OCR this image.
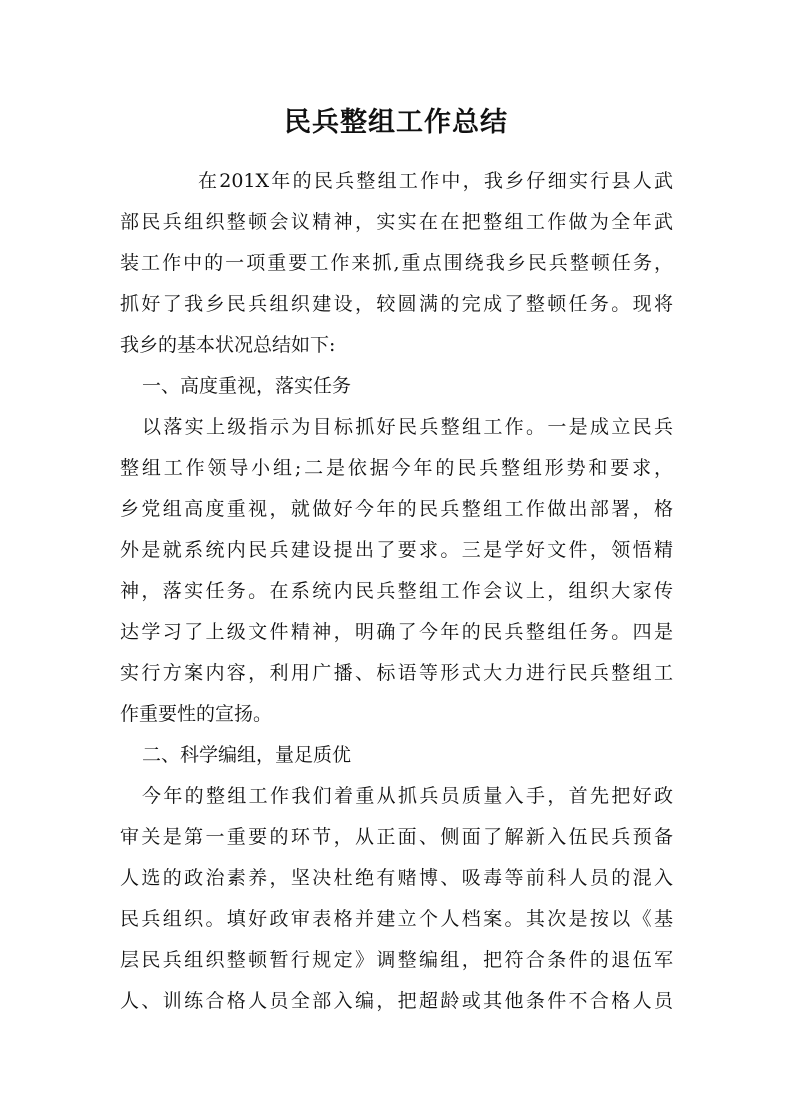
民兵整组工作总结
在201X年的民兵整组工作中，我乡仔细实行县人武
部民兵组织整顿会议精神，实实在在把整组工作做为全年武
装工作中的一项重要工作来抓,重点围绕我乡民兵整顿任务，
抓好了我乡民兵组织建设，较圆满的完成了整顿任务。现将
我乡的基本状况总结如下:
一、高度重视，落实任务
以落实上级指示为目标抓好民兵整组工作。一是成立民兵
整组工作领导小组;二是依据今年的民兵整组形势和要求，
乡党组高度重视，就做好今年的民兵整组工作做出部署，格
外是就系统内民兵建设提出了要求。三是学好文件，领悟精
神，落实任务。在系统内民兵整组工作会议上，组织大家传
达学习了上级文件精神，明确了今年的民兵整组任务。四是
实行方案内容，利用广播、标语等形式大力进行民兵整组工
作重要性的宣扬。
二、科学编组，量足质优
今年的整组工作我们着重从抓兵员质量入手，首先把好政
审关是第一重要的环节，从正面、侧面了解新入伍民兵预备
人选的政治素养，坚决杜绝有赌博、吸毒等前科人员的混入
民兵组织。填好政审表格并建立个人档案。其次是按以《基
层民兵组织整顿暂行规定》调整编组，把符合条件的退伍军
人、训练合格人员全部入编，把超龄或其他条件不合格人员
